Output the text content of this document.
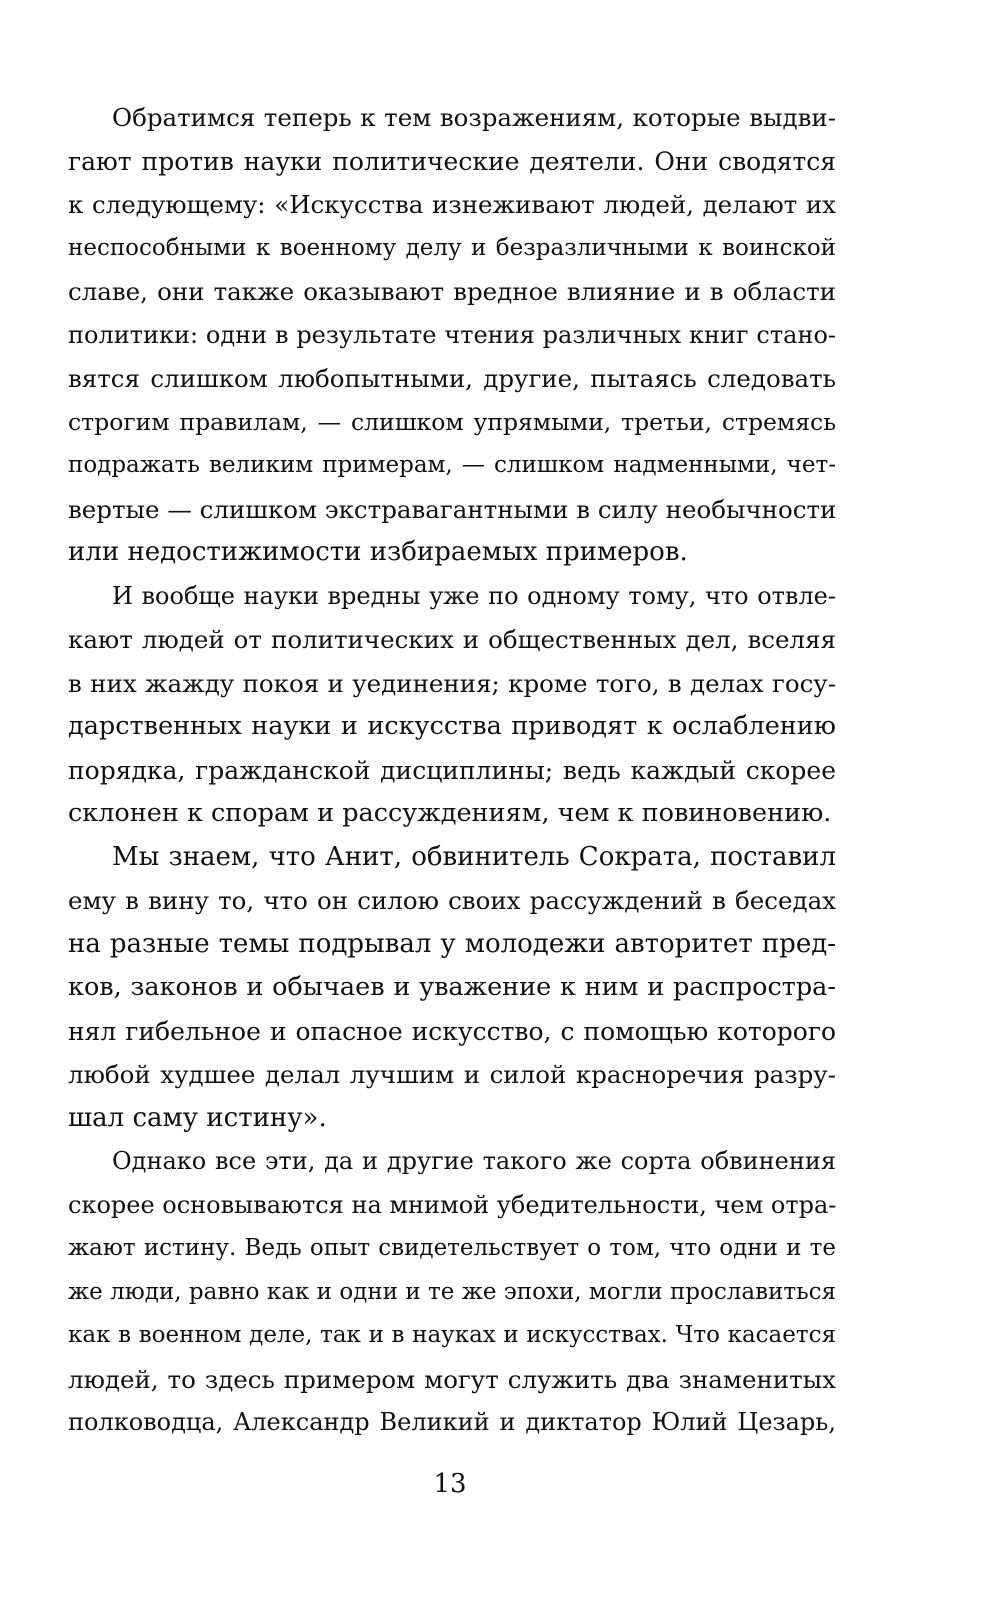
Обратимся теперь к тем возражениям, которые выдви-
гают против науки политические деятели. Они сводятся
к следующему: «Искусства изнеживают людей, делают их
неспособными к военному делу и безразличными к воинской
славе, они также оказывают вредное влияние и в области
политики: одни в результате чтения различных книг стано-
вятся слишком любопытными, другие, пытаясь следовать
строгим правилам, — слишком упрямыми, третьи, стремясь
подражать великим примерам, — слишком надменными, чет-
вертые — слишком экстравагантными в силу необычности
или недостижимости избираемых примеров.
И вообще науки вредны уже по одному тому, что отвле-
кают людей от политических и общественных дел, вселяя
в них жажду покоя и уединения; кроме того, в делах госу-
дарственных науки и искусства приводят к ослаблению
порядка, гражданской дисциплины; ведь каждый скорее
склонен к спорам и рассуждениям, чем к повиновению.
Мы знаем, что Анит, обвинитель Сократа, поставил
ему в вину то, что он силою своих рассуждений в беседах
на разные темы подрывал у молодежи авторитет пред-
ков, законов и обычаев и уважение к ним и распростра-
нял гибельное и опасное искусство, с помощью которого
любой худшее делал лучшим и силой красноречия разру-
шал саму истину».
Однако все эти, да и другие такого же сорта обвинения
скорее основываются на мнимой убедительности, чем отра-
жают истину. Ведь опыт свидетельствует о том, что одни и те
же люди, равно как и одни и те же эпохи, могли прославиться
как в военном деле, так и в науках и искусствах. Что касается
людей, то здесь примером могут служить два знаменитых
полководца, Александр Великий и диктатор Юлий Цезарь,
13
